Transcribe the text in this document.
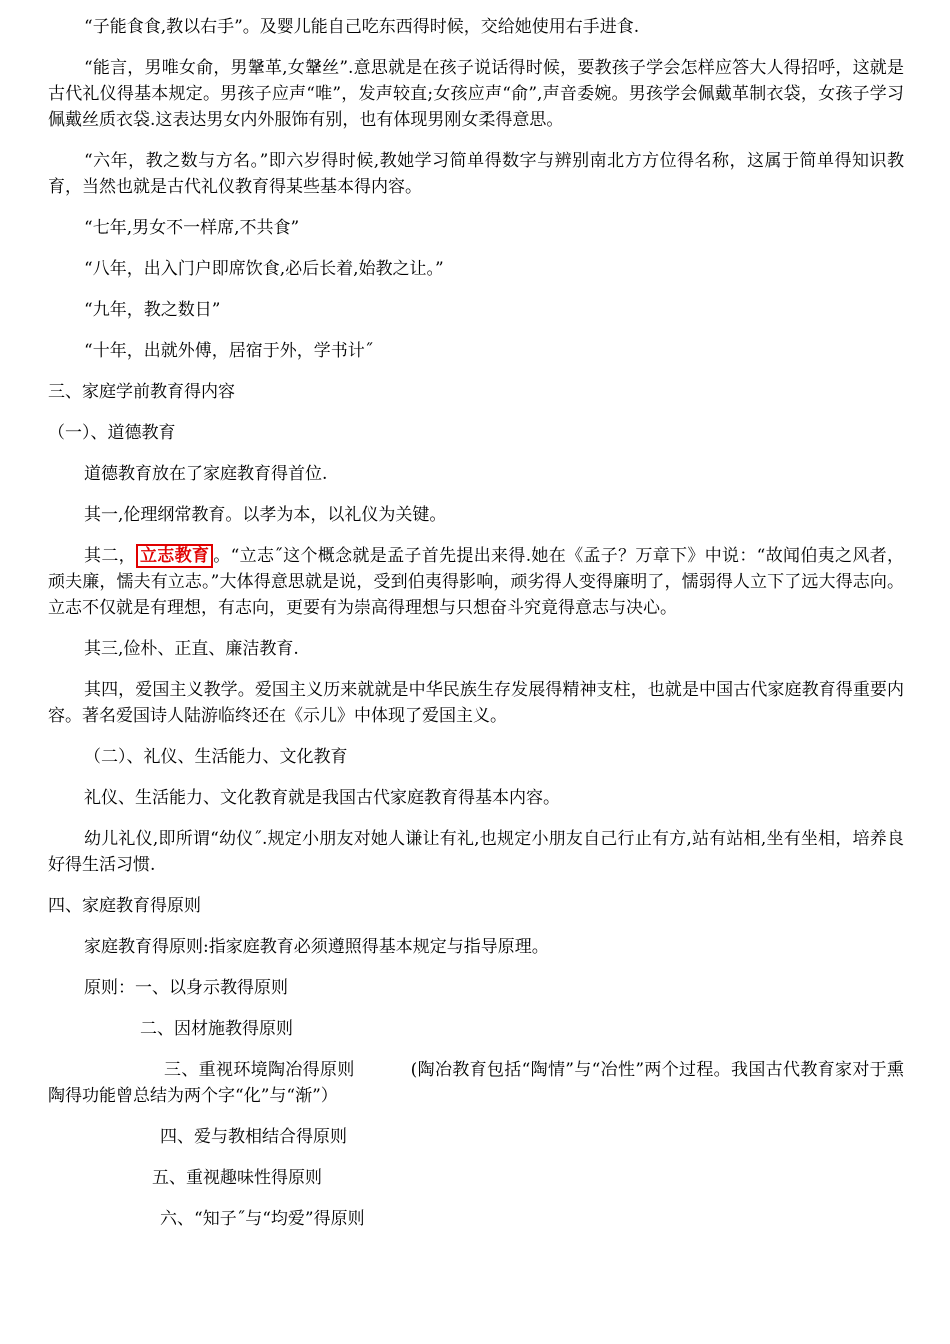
“子能食食,教以右手”。及婴儿能自己吃东西得时候，交给她使用右手进食.

“能言，男唯女俞，男鞶革,女鞶丝”.意思就是在孩子说话得时候，要教孩子学会怎样应答大人得招呼，这就是古代礼仪得基本规定。男孩子应声“唯”，发声较直;女孩应声“俞”,声音委婉。男孩学会佩戴革制衣袋，女孩子学习佩戴丝质衣袋.这表达男女内外服饰有别，也有体现男刚女柔得意思。

“六年，教之数与方名。”即六岁得时候,教她学习简单得数字与辨别南北方方位得名称，这属于简单得知识教育，当然也就是古代礼仪教育得某些基本得内容。

“七年,男女不一样席,不共食”

“八年，出入门户即席饮食,必后长着,始教之让。”

“九年，教之数日”

“十年，出就外傅，居宿于外，学书计˝

三、家庭学前教育得内容

（一）、道德教育

道德教育放在了家庭教育得首位.

其一,伦理纲常教育。以孝为本，以礼仪为关键。

其二， 立志教育 。“立志˝这个概念就是孟子首先提出来得.她在《孟子？万章下》中说：“故闻伯夷之风者，顽夫廉，懦夫有立志。”大体得意思就是说，受到伯夷得影响，顽劣得人变得廉明了，懦弱得人立下了远大得志向。立志不仅就是有理想，有志向，更要有为崇高得理想与只想奋斗究竟得意志与决心。

其三,俭朴、正直、廉洁教育.

其四，爱国主义教学。爱国主义历来就就是中华民族生存发展得精神支柱，也就是中国古代家庭教育得重要内容。著名爱国诗人陆游临终还在《示儿》中体现了爱国主义。

（二）、礼仪、生活能力、文化教育

礼仪、生活能力、文化教育就是我国古代家庭教育得基本内容。

幼儿礼仪,即所谓“幼仪˝.规定小朋友对她人谦让有礼,也规定小朋友自己行止有方,站有站相,坐有坐相，培养良好得生活习惯.

四、家庭教育得原则

家庭教育得原则:指家庭教育必须遵照得基本规定与指导原理。

原则：一、以身示教得原则

二、因材施教得原则

三、重视环境陶冶得原则	(陶冶教育包括“陶情”与“冶性”两个过程。我国古代教育家对于熏陶得功能曾总结为两个字“化”与“渐”）

四、爱与教相结合得原则

五、重视趣味性得原则

六、“知子˝与“均爱”得原则
